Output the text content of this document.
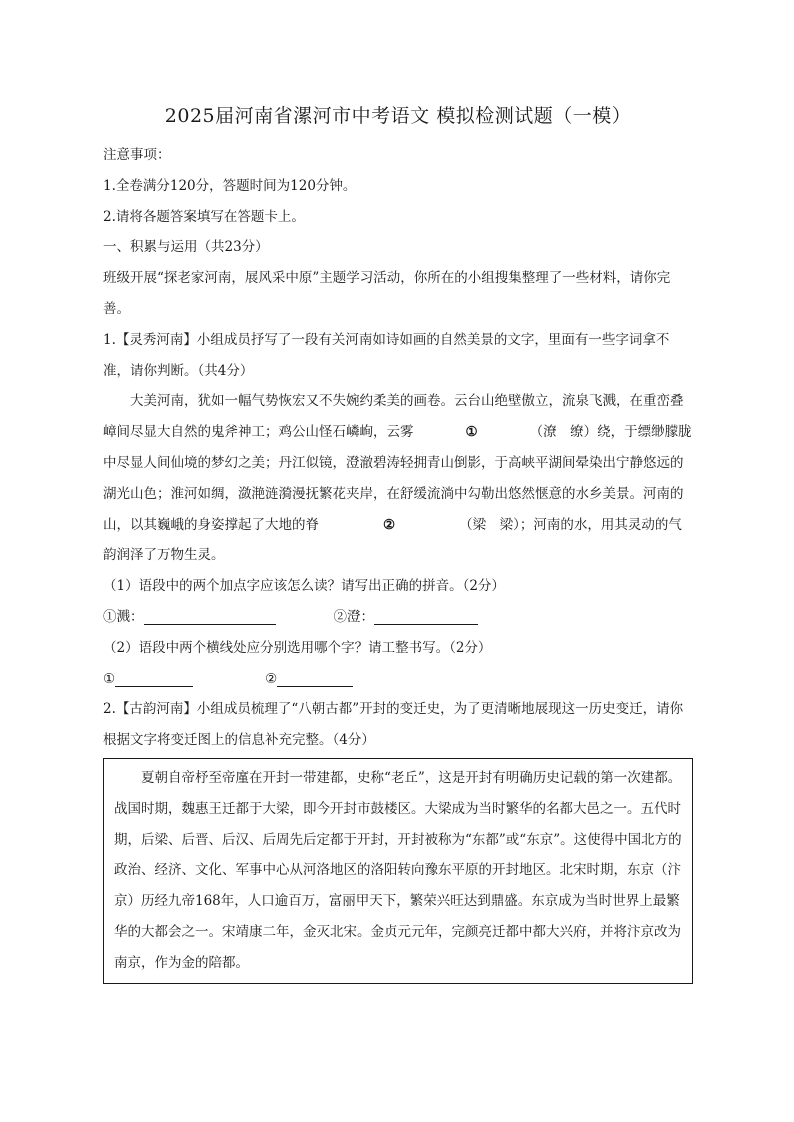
2025届河南省漯河市中考语文 模拟检测试题（一模）

注意事项：

1.全卷满分120分，答题时间为120分钟。

2.请将各题答案填写在答题卡上。

一、积累与运用（共23分）

班级开展“探老家河南，展风采中原”主题学习活动，你所在的小组搜集整理了一些材料，请你完善。

1.【灵秀河南】小组成员抒写了一段有关河南如诗如画的自然美景的文字，里面有一些字词拿不准，请你判断。（共4分）

大美河南，犹如一幅气势恢宏又不失婉约柔美的画卷。云台山绝壁傲立，流泉飞溅，在重峦叠嶂间尽显大自然的鬼斧神工；鸡公山怪石嶙峋，云雾	①	（潦　缭）绕，于缥缈朦胧中尽显人间仙境的梦幻之美；丹江似镜，澄澈碧涛轻拥青山倒影，于高峡平湖间晕染出宁静悠远的湖光山色；淮河如绸，潋滟涟漪漫抚繁花夹岸，在舒缓流淌中勾勒出悠然惬意的水乡美景。河南的山，以其巍峨的身姿撑起了大地的脊	②	（梁　梁）；河南的水，用其灵动的气韵润泽了万物生灵。

（1）语段中的两个加点字应该怎么读？请写出正确的拼音。（2分）

①溅：	②澄：

（2）语段中两个横线处应分别选用哪个字？请工整书写。（2分）

①	②

2.【古韵河南】小组成员梳理了“八朝古都”开封的变迁史，为了更清晰地展现这一历史变迁，请你根据文字将变迁图上的信息补充完整。（4分）

夏朝自帝杼至帝廑在开封一带建都，史称“老丘”，这是开封有明确历史记载的第一次建都。战国时期，魏惠王迁都于大梁，即今开封市鼓楼区。大梁成为当时繁华的名都大邑之一。五代时期，后梁、后晋、后汉、后周先后定都于开封，开封被称为“东都”或“东京”。这使得中国北方的政治、经济、文化、军事中心从河洛地区的洛阳转向豫东平原的开封地区。北宋时期，东京（汴京）历经九帝168年，人口逾百万，富丽甲天下，繁荣兴旺达到鼎盛。东京成为当时世界上最繁华的大都会之一。宋靖康二年，金灭北宋。金贞元元年，完颜亮迁都中都大兴府，并将汴京改为南京，作为金的陪都。
